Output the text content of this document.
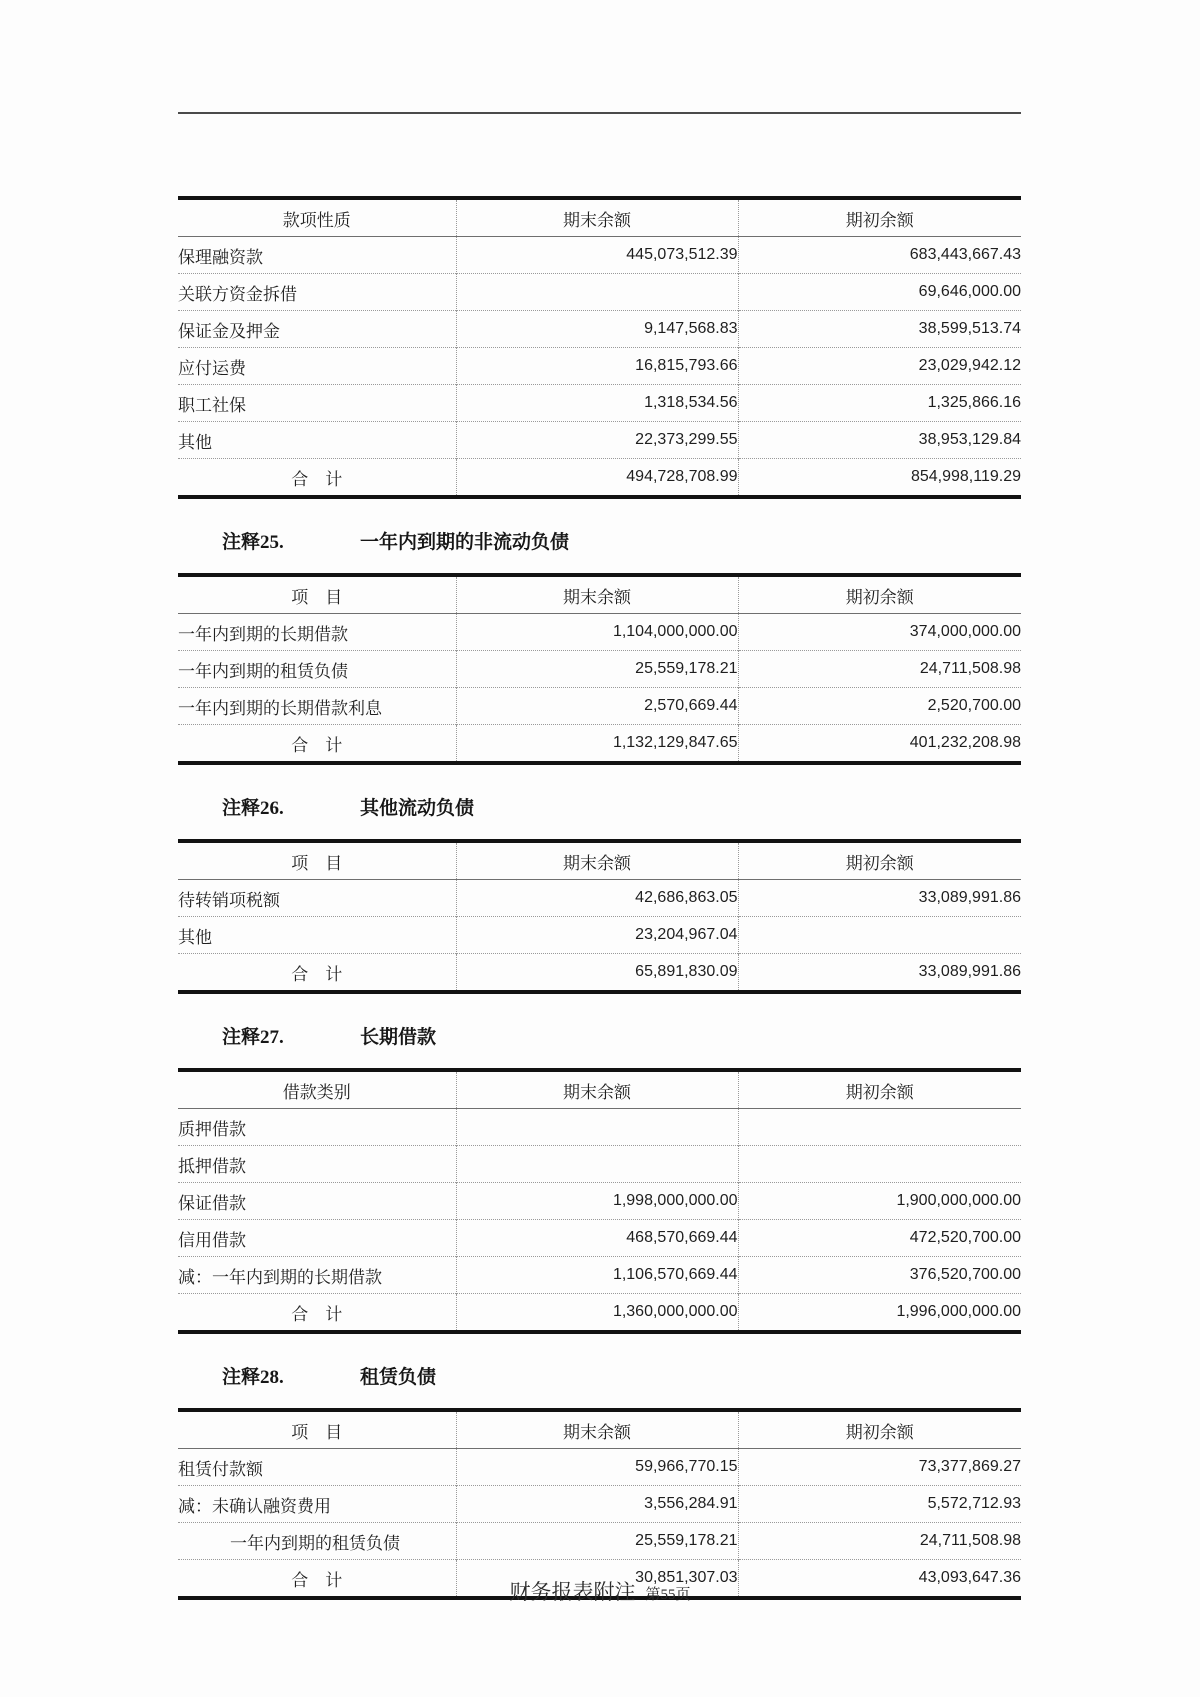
款项性质	期末余额	期初余额
保理融资款	445,073,512.39	683,443,667.43
关联方资金拆借		69,646,000.00
保证金及押金	9,147,568.83	38,599,513.74
应付运费	16,815,793.66	23,029,942.12
职工社保	1,318,534.56	1,325,866.16
其他	22,373,299.55	38,953,129.84
合　计	494,728,708.99	854,998,119.29
注释25.	一年内到期的非流动负债
项　目	期末余额	期初余额
一年内到期的长期借款	1,104,000,000.00	374,000,000.00
一年内到期的租赁负债	25,559,178.21	24,711,508.98
一年内到期的长期借款利息	2,570,669.44	2,520,700.00
合　计	1,132,129,847.65	401,232,208.98
注释26.	其他流动负债
项　目	期末余额	期初余额
待转销项税额	42,686,863.05	33,089,991.86
其他	23,204,967.04	
合　计	65,891,830.09	33,089,991.86
注释27.	长期借款
借款类别	期末余额	期初余额
质押借款		
抵押借款		
保证借款	1,998,000,000.00	1,900,000,000.00
信用借款	468,570,669.44	472,520,700.00
减：一年内到期的长期借款	1,106,570,669.44	376,520,700.00
合　计	1,360,000,000.00	1,996,000,000.00
注释28.	租赁负债
项　目	期末余额	期初余额
租赁付款额	59,966,770.15	73,377,869.27
减：未确认融资费用	3,556,284.91	5,572,712.93
一年内到期的租赁负债	25,559,178.21	24,711,508.98
合　计	30,851,307.03	43,093,647.36
财务报表附注 第55页
